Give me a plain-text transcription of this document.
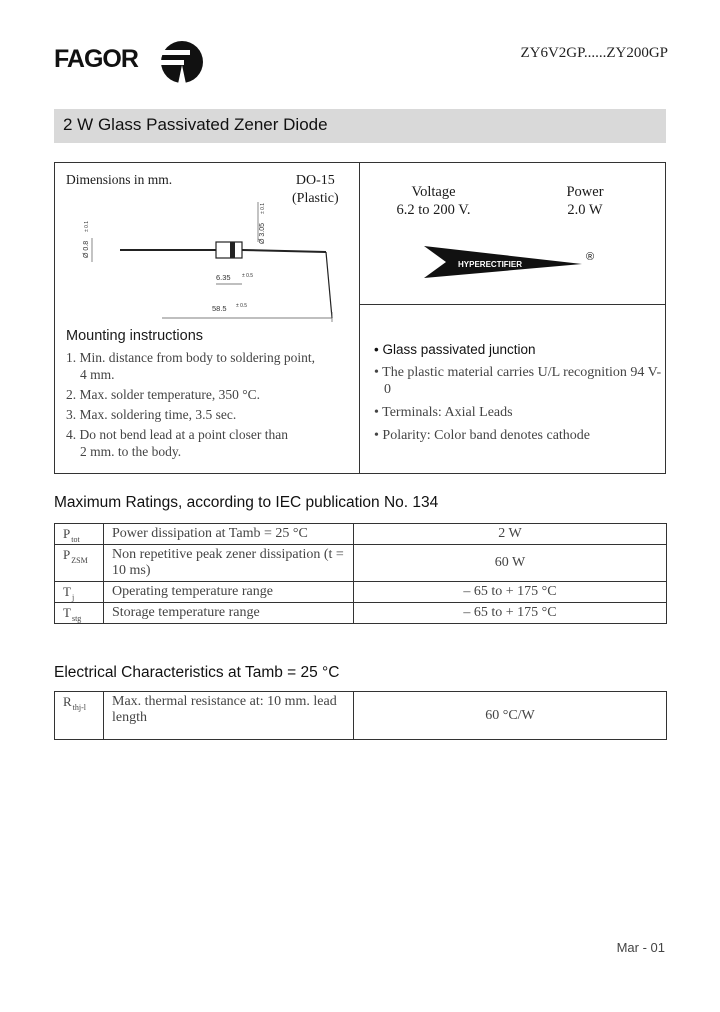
FAGOR	ZY6V2GP......ZY200GP
2 W Glass Passivated Zener Diode
Dimensions in mm.	DO-15
(Plastic)
Ø 0.8
± 0.1	Ø 3.05
± 0.1
6.35 ± 0.5
58.5 ± 0.5
Mounting instructions
1. Min. distance from body to soldering point,
4 mm.
2. Max. solder temperature, 350 °C.
3. Max. soldering time, 3.5 sec.
4. Do not bend lead at a point closer than
2 mm. to the body.
Voltage
6.2 to 200 V.
Power
2.0 W
HYPERECTIFIER
®
• Glass passivated junction
• The plastic material carries U/L recognition 94 V-0
• Terminals: Axial Leads
• Polarity: Color band denotes cathode
Maximum Ratings, according to IEC publication No. 134
$P_{tot}$	Power dissipation at Tamb = 25 °C	2 W
$P_{ZSM}$	Non repetitive peak zener dissipation (t = 10 ms)	60 W
$T_j$	Operating temperature range	– 65 to + 175 °C
$T_{stg}$	Storage temperature range	– 65 to + 175 °C
Electrical Characteristics at Tamb = 25 °C
$R_{thj-l}$	Max. thermal resistance at: 10 mm. lead length	60 °C/W
Mar - 01
